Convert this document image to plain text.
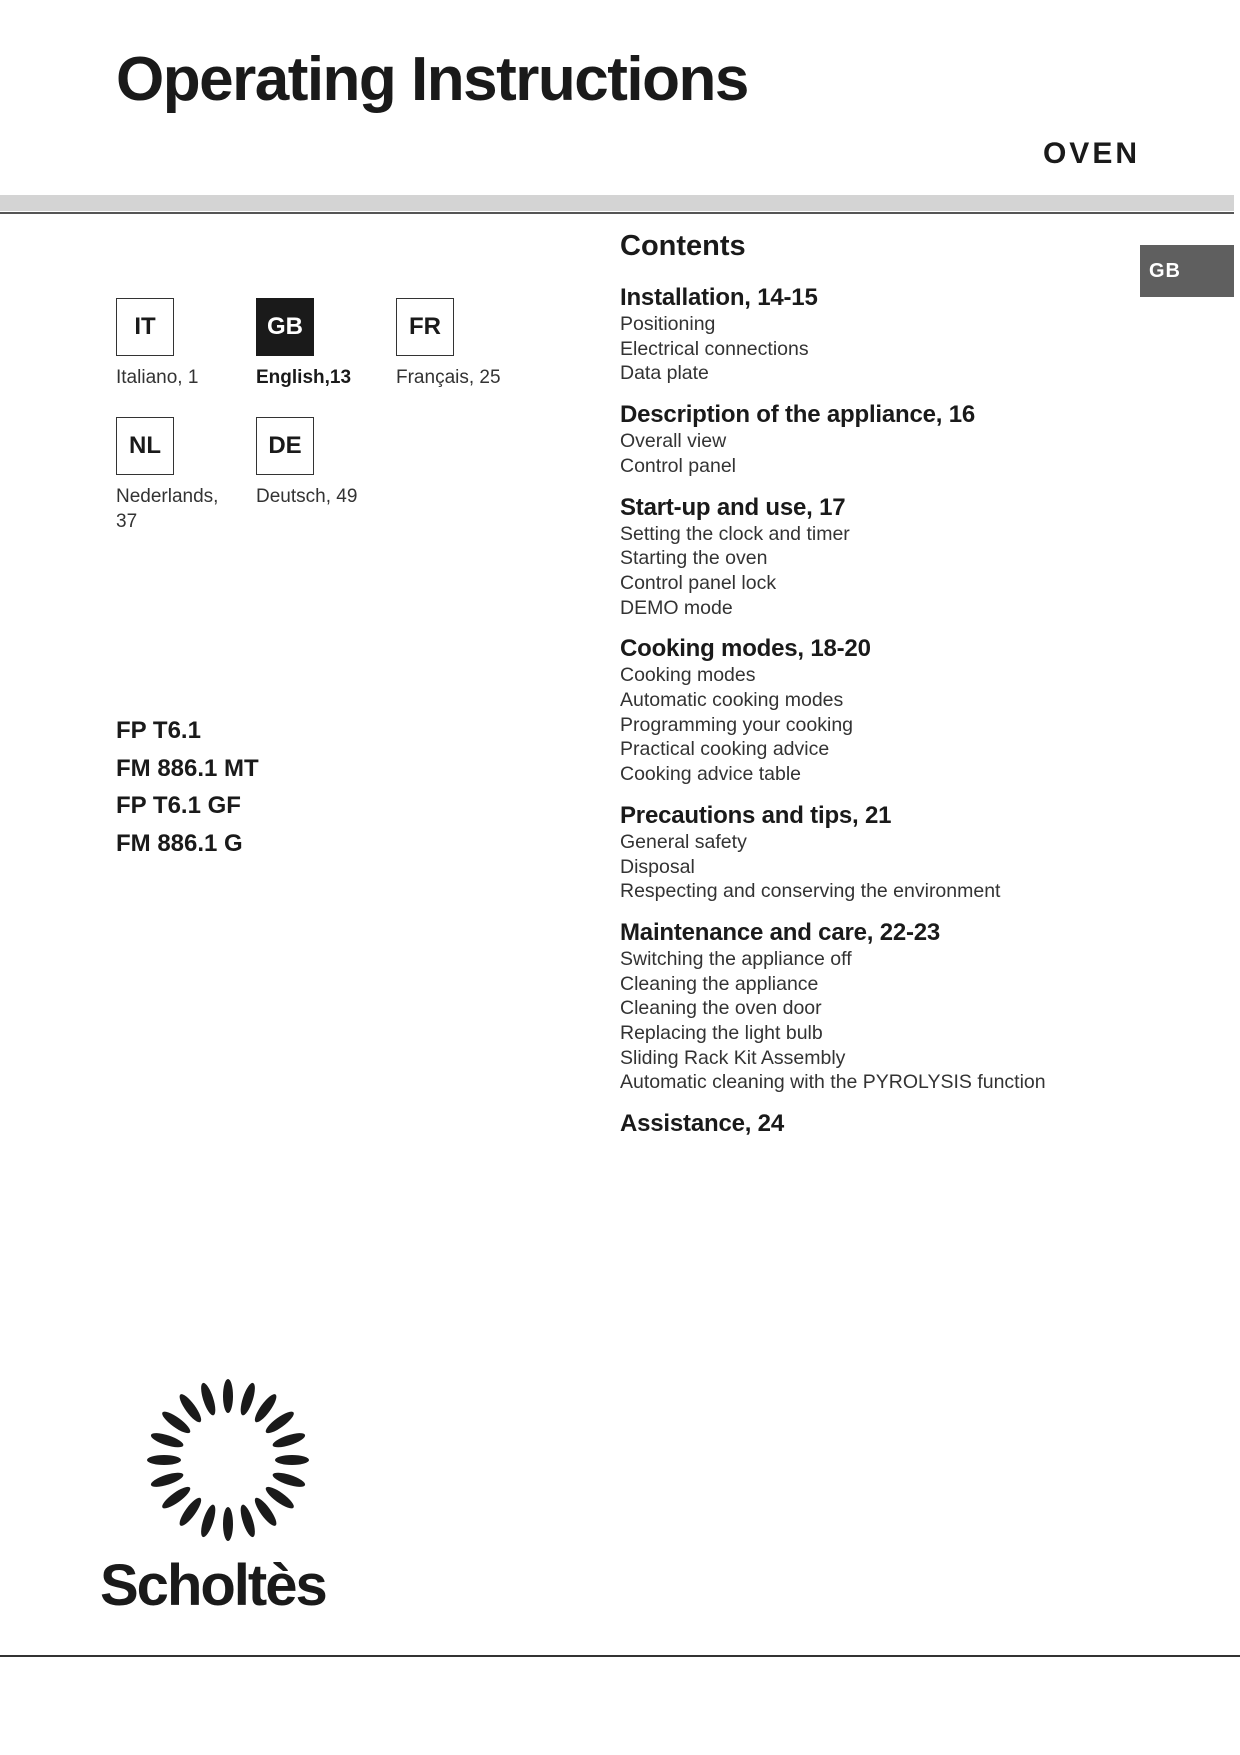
Operating Instructions
OVEN
GB
IT
Italiano, 1
GB
English,13
FR
Français, 25
NL
Nederlands, 37
DE
Deutsch, 49
FP T6.1
FM 886.1 MT
FP T6.1 GF
FM 886.1 G
Contents
Installation, 14-15
Positioning
Electrical connections
Data plate
Description of the appliance, 16
Overall view
Control panel
Start-up and use, 17
Setting the clock and timer
Starting the oven
Control panel lock
DEMO mode
Cooking modes, 18-20
Cooking modes
Automatic cooking modes
Programming your cooking
Practical cooking advice
Cooking advice table
Precautions and tips, 21
General safety
Disposal
Respecting and conserving the environment
Maintenance and care, 22-23
Switching the appliance off
Cleaning the appliance
Cleaning the oven door
Replacing the light bulb
Sliding Rack Kit Assembly
Automatic cleaning with the PYROLYSIS function
Assistance, 24
Scholtès
